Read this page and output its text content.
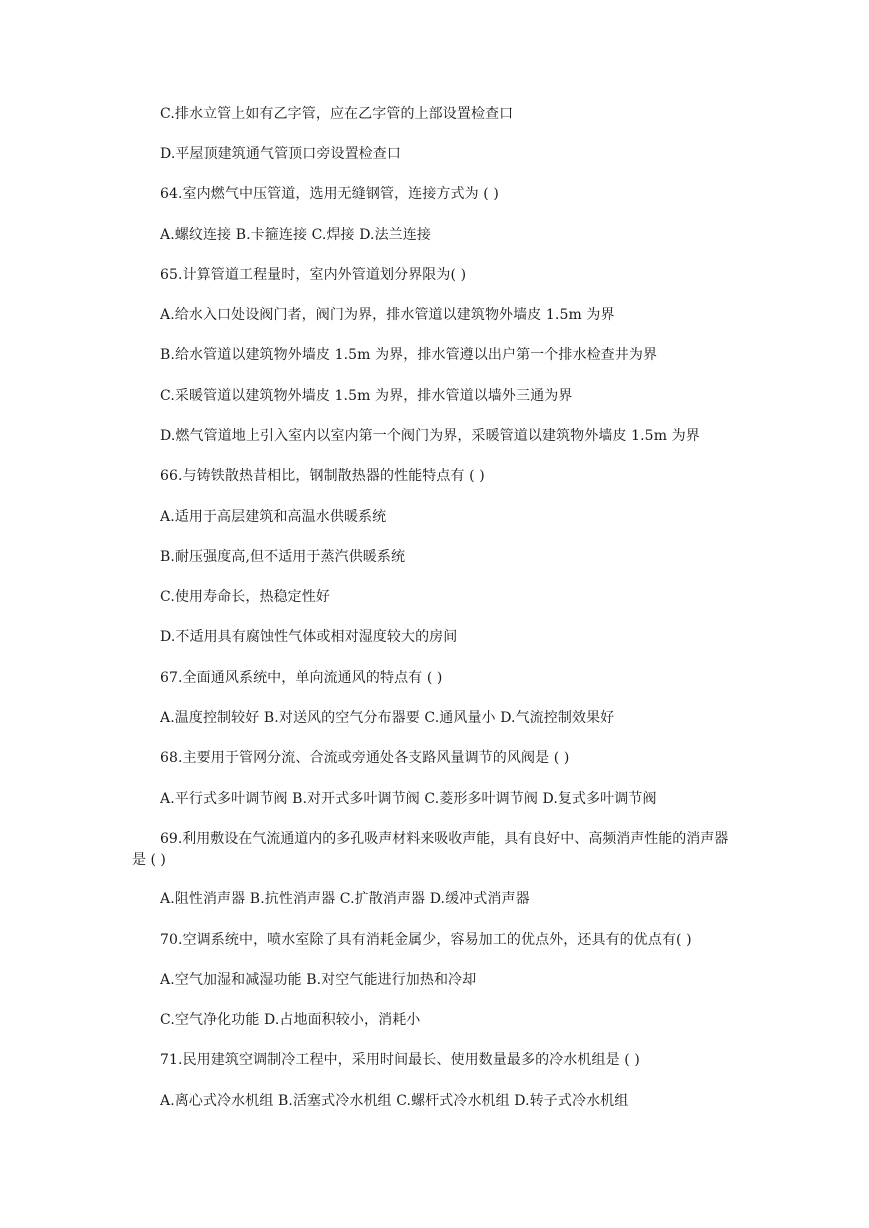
C.排水立管上如有乙字管，应在乙字管的上部设置检查口
D.平屋顶建筑通气管顶口旁设置检查口
64.室内燃气中压管道，选用无缝钢管，连接方式为 ( )
A.螺纹连接 B.卡箍连接 C.焊接 D.法兰连接
65.计算管道工程量时，室内外管道划分界限为( )
A.给水入口处设阀门者，阀门为界，排水管道以建筑物外墙皮 1.5m 为界
B.给水管道以建筑物外墙皮 1.5m 为界，排水管遵以出户第一个排水检查井为界
C.采暖管道以建筑物外墙皮 1.5m 为界，排水管道以墙外三通为界
D.燃气管道地上引入室内以室内第一个阀门为界，采暖管道以建筑物外墙皮 1.5m 为界
66.与铸铁散热昔相比，钢制散热器的性能特点有 ( )
A.适用于高层建筑和高温水供暖系统
B.耐压强度高,但不适用于蒸汽供暖系统
C.使用寿命长，热稳定性好
D.不适用具有腐蚀性气体或相对湿度较大的房间
67.全面通风系统中，单向流通风的特点有 ( )
A.温度控制较好 B.对送风的空气分布器要 C.通风量小 D.气流控制效果好
68.主要用于管网分流、合流或旁通处各支路风量调节的风阀是 ( )
A.平行式多叶调节阀 B.对开式多叶调节阀 C.菱形多叶调节阀 D.复式多叶调节阀
69.利用敷设在气流通道内的多孔吸声材料来吸收声能，具有良好中、高频消声性能的消声器是 ( )
A.阻性消声器 B.抗性消声器 C.扩散消声器 D.缓冲式消声器
70.空调系统中，喷水室除了具有消耗金属少，容易加工的优点外，还具有的优点有( )
A.空气加湿和减湿功能 B.对空气能进行加热和冷却
C.空气净化功能 D.占地面积较小，消耗小
71.民用建筑空调制冷工程中，采用时间最长、使用数量最多的冷水机组是 ( )
A.离心式冷水机组 B.活塞式冷水机组 C.螺杆式冷水机组 D.转子式冷水机组
